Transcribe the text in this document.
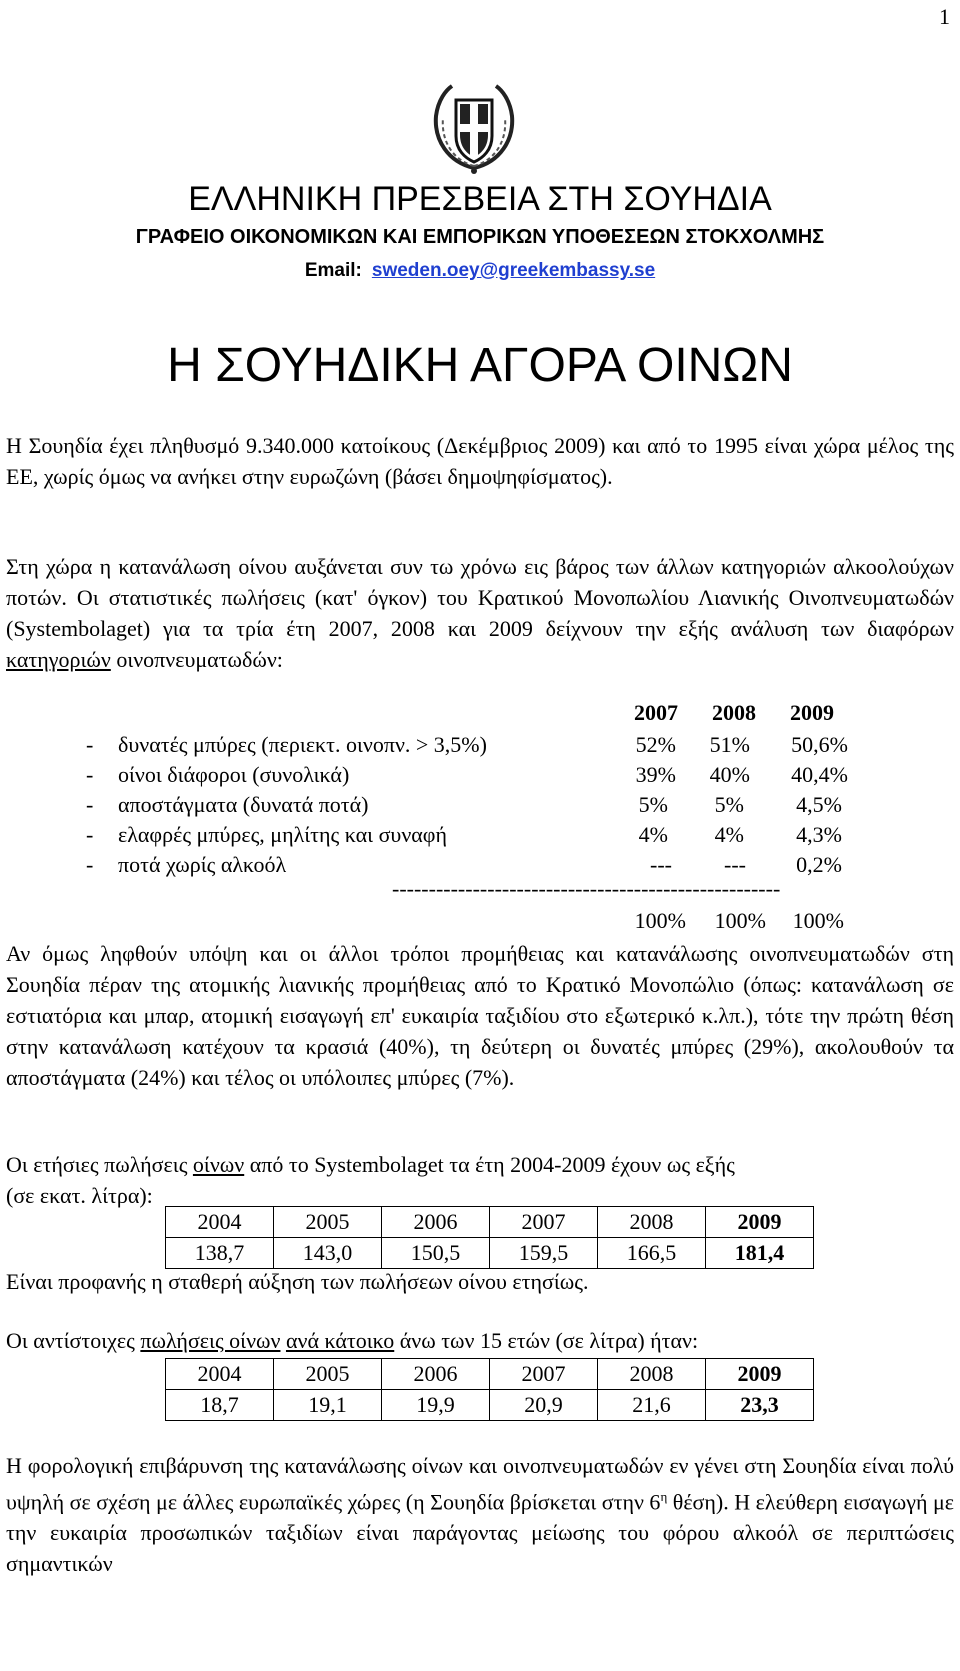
1
ΕΛΛΗΝΙΚΗ ΠΡΕΣΒΕΙΑ ΣΤΗ ΣΟΥΗΔΙΑ
ΓΡΑΦΕΙΟ ΟΙΚΟΝΟΜΙΚΩΝ ΚΑΙ ΕΜΠΟΡΙΚΩΝ ΥΠΟΘΕΣΕΩΝ ΣΤΟΚΧΟΛΜΗΣ
Email: sweden.oey@greekembassy.se
Η ΣΟΥΗΔΙΚΗ ΑΓΟΡΑ ΟΙΝΩΝ

Η Σουηδία έχει πληθυσμό 9.340.000 κατοίκους (Δεκέμβριος 2009) και από το 1995 είναι χώρα μέλος της ΕΕ, χωρίς όμως να ανήκει στην ευρωζώνη (βάσει δημοψηφίσματος).

Στη χώρα η κατανάλωση οίνου αυξάνεται συν τω χρόνω εις βάρος των άλλων κατηγοριών αλκοολούχων ποτών. Οι στατιστικές πωλήσεις (κατ' όγκον) του Κρατικού Μονοπωλίου Λιανικής Οινοπνευματωδών (Systembolaget) για τα τρία έτη 2007, 2008 και 2009 δείχνουν την εξής ανάλυση των διαφόρων κατηγοριών οινοπνευματωδών:

2007	2008	2009
- δυνατές μπύρες (περιεκτ. οινοπν. > 3,5%)	52%	51%	50,6%
- οίνοι διάφοροι (συνολικά)	39%	40%	40,4%
- αποστάγματα (δυνατά ποτά)	5%	5%	4,5%
- ελαφρές μπύρες, μηλίτης και συναφή	4%	4%	4,3%
- ποτά χωρίς αλκοόλ	---	---	0,2%
-----------------------------------------------------
100%	100%	100%

Αν όμως ληφθούν υπόψη και οι άλλοι τρόποι προμήθειας και κατανάλωσης οινοπνευματωδών στη Σουηδία πέραν της ατομικής λιανικής προμήθειας από το Κρατικό Μονοπώλιο (όπως: κατανάλωση σε εστιατόρια και μπαρ, ατομική εισαγωγή επ' ευκαιρία ταξιδίου στο εξωτερικό κ.λπ.), τότε την πρώτη θέση στην κατανάλωση κατέχουν τα κρασιά (40%), τη δεύτερη οι δυνατές μπύρες (29%), ακολουθούν τα αποστάγματα (24%) και τέλος οι υπόλοιπες μπύρες (7%).

Οι ετήσιες πωλήσεις οίνων από το Systembolaget τα έτη 2004-2009 έχουν ως εξής
(σε εκατ. λίτρα):
2004	2005	2006	2007	2008	2009
138,7	143,0	150,5	159,5	166,5	181,4
Είναι προφανής η σταθερή αύξηση των πωλήσεων οίνου ετησίως.
Οι αντίστοιχες πωλήσεις οίνων ανά κάτοικο άνω των 15 ετών (σε λίτρα) ήταν:
2004	2005	2006	2007	2008	2009
18,7	19,1	19,9	20,9	21,6	23,3

Η φορολογική επιβάρυνση της κατανάλωσης οίνων και οινοπνευματωδών εν γένει στη Σουηδία είναι πολύ υψηλή σε σχέση με άλλες ευρωπαϊκές χώρες (η Σουηδία βρίσκεται στην $6^\eta$ θέση). Η ελεύθερη εισαγωγή με την ευκαιρία προσωπικών ταξιδίων είναι παράγοντας μείωσης του φόρου αλκοόλ σε περιπτώσεις σημαντικών
